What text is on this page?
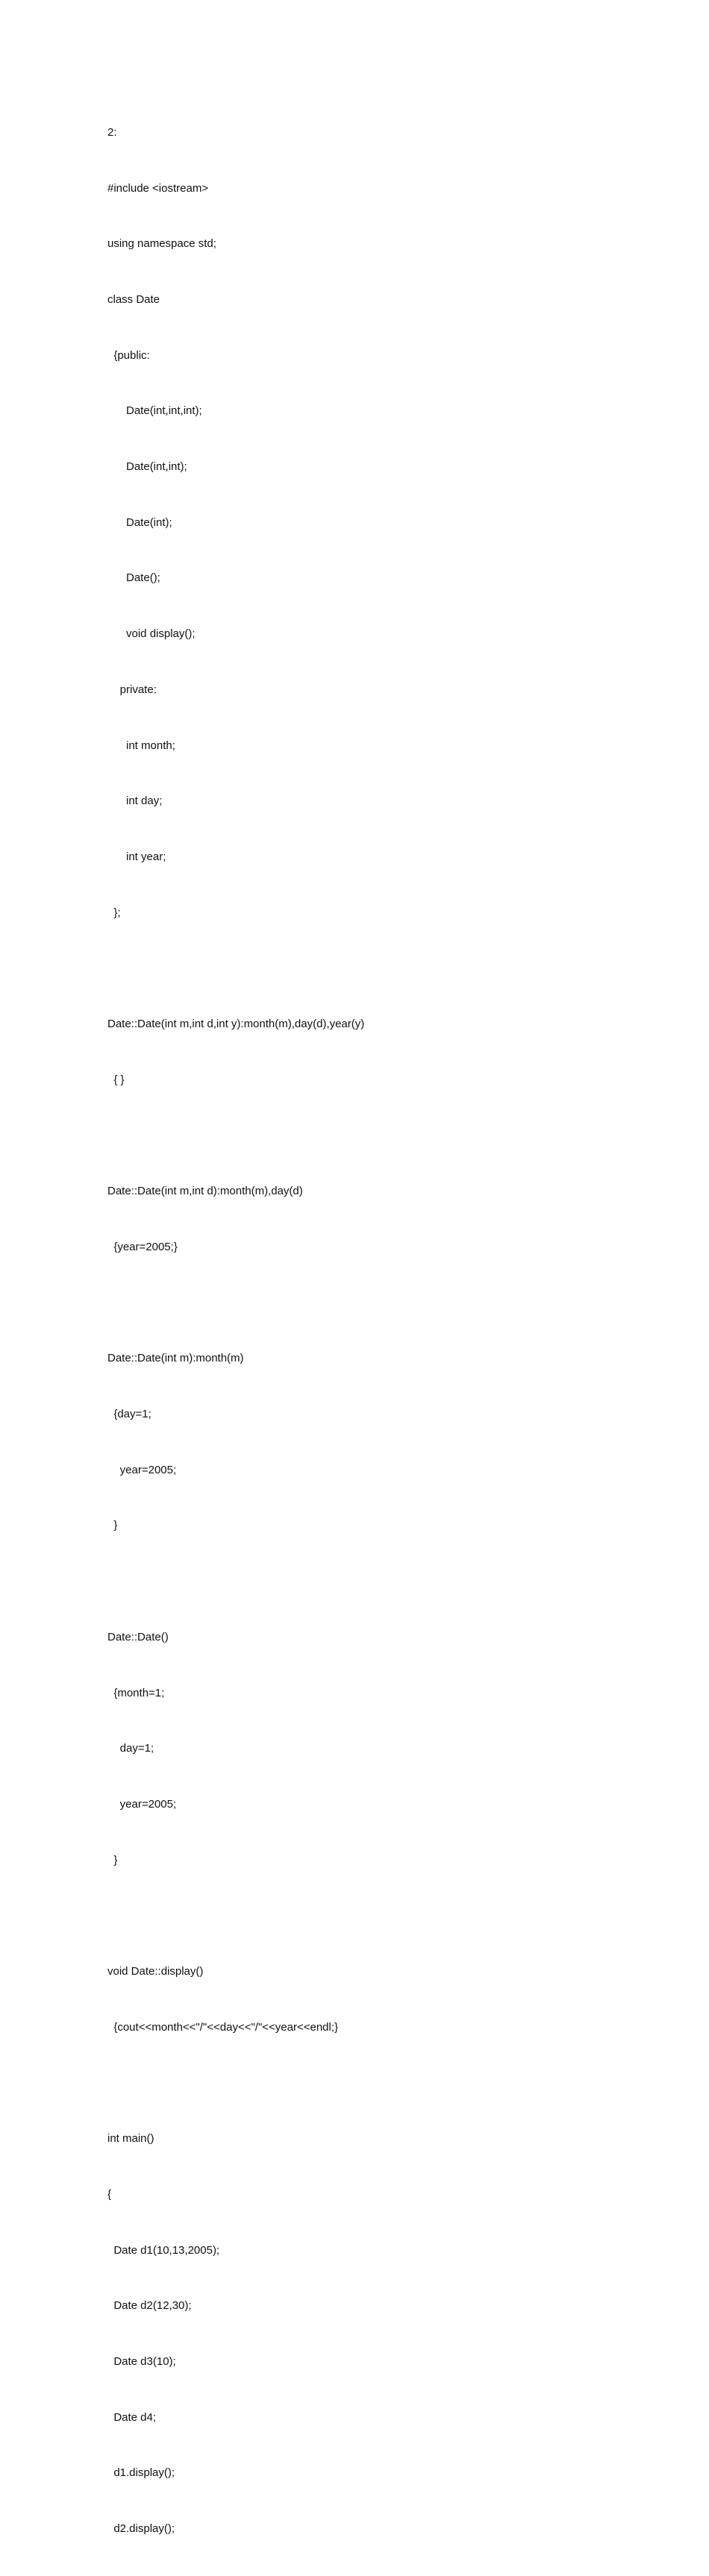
2:

#include <iostream>

using namespace std;

class Date

{public:

Date(int,int,int);

Date(int,int);

Date(int);

Date();

void display();

private:

int month;

int day;

int year;

};

Date::Date(int m,int d,int y):month(m),day(d),year(y)

{ }

Date::Date(int m,int d):month(m),day(d)

{year=2005;}

Date::Date(int m):month(m)

{day=1;

year=2005;

}

Date::Date()

{month=1;

day=1;

year=2005;

}

void Date::display()

{cout<<month<<"/"<<day<<"/"<<year<<endl;}

int main()

{

Date d1(10,13,2005);

Date d2(12,30);

Date d3(10);

Date d4;

d1.display();

d2.display();
